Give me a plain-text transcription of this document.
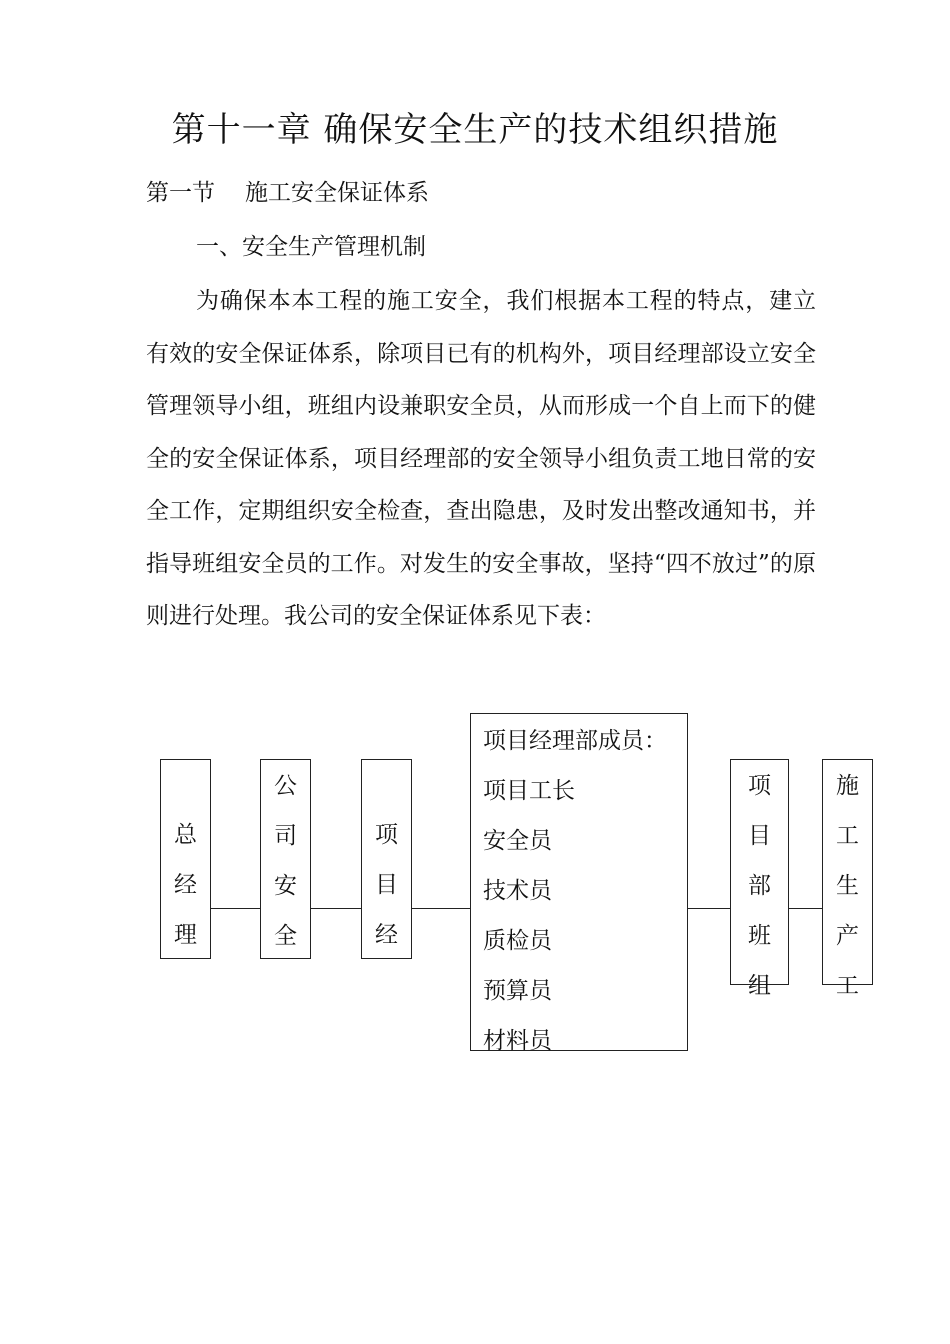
第十一章 确保安全生产的技术组织措施
第一节 施工安全保证体系
一、安全生产管理机制

为确保本本工程的施工安全，我们根据本工程的特点，建立有效的安全保证体系，除项目已有的机构外，项目经理部设立安全管理领导小组，班组内设兼职安全员，从而形成一个自上而下的健全的安全保证体系，项目经理部的安全领导小组负责工地日常的安全工作，定期组织安全检查，查出隐患，及时发出整改通知书，并指导班组安全员的工作。对发生的安全事故，坚持“四不放过”的原则进行处理。我公司的安全保证体系见下表：

总
经
理
公
司
安
全
项
目
经
项目经理部成员：
项目工长
安全员
技术员
质检员
预算员
材料员
项
目
部
班
组
施
工
生
产
工
